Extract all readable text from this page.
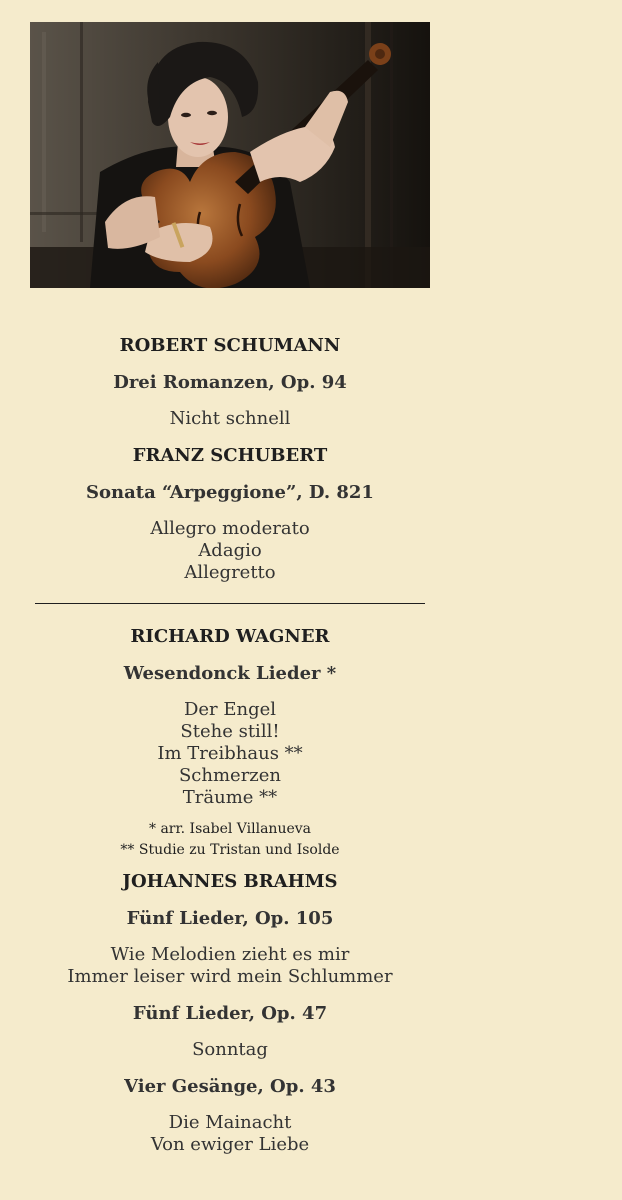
ROBERT SCHUMANN
Drei Romanzen, Op. 94
Nicht schnell
FRANZ SCHUBERT
Sonata “Arpeggione”, D. 821
Allegro moderato
Adagio
Allegretto
RICHARD WAGNER
Wesendonck Lieder *
Der Engel
Stehe still!
Im Treibhaus **
Schmerzen
Träume **
* arr. Isabel Villanueva
** Studie zu Tristan und Isolde
JOHANNES BRAHMS
Fünf Lieder, Op. 105
Wie Melodien zieht es mir
Immer leiser wird mein Schlummer
Fünf Lieder, Op. 47
Sonntag
Vier Gesänge, Op. 43
Die Mainacht
Von ewiger Liebe
